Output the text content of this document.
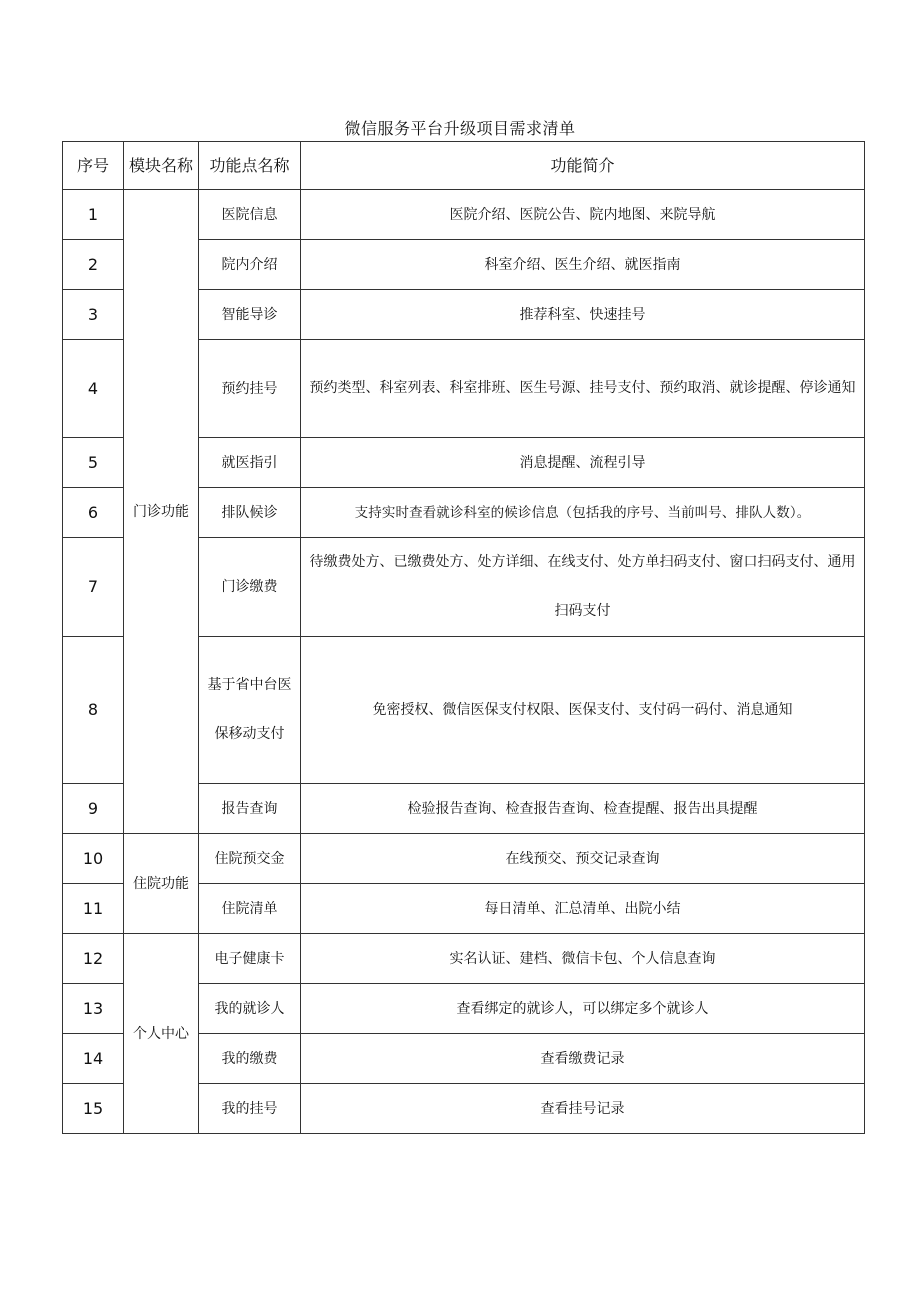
微信服务平台升级项目需求清单
序号	模块名称	功能点名称	功能简介
1	门诊功能	医院信息	医院介绍、医院公告、院内地图、来院导航
2		院内介绍	科室介绍、医生介绍、就医指南
3		智能导诊	推荐科室、快速挂号
4		预约挂号	预约类型、科室列表、科室排班、医生号源、挂号支付、预约取消、就诊提醒、停诊通知
5		就医指引	消息提醒、流程引导
6		排队候诊	支持实时查看就诊科室的候诊信息（包括我的序号、当前叫号、排队人数）。
7		门诊缴费	待缴费处方、已缴费处方、处方详细、在线支付、处方单扫码支付、窗口扫码支付、通用扫码支付
8		基于省中台医保移动支付	免密授权、微信医保支付权限、医保支付、支付码一码付、消息通知
9		报告查询	检验报告查询、检查报告查询、检查提醒、报告出具提醒
10	住院功能	住院预交金	在线预交、预交记录查询
11		住院清单	每日清单、汇总清单、出院小结
12	个人中心	电子健康卡	实名认证、建档、微信卡包、个人信息查询
13		我的就诊人	查看绑定的就诊人，可以绑定多个就诊人
14		我的缴费	查看缴费记录
15		我的挂号	查看挂号记录
